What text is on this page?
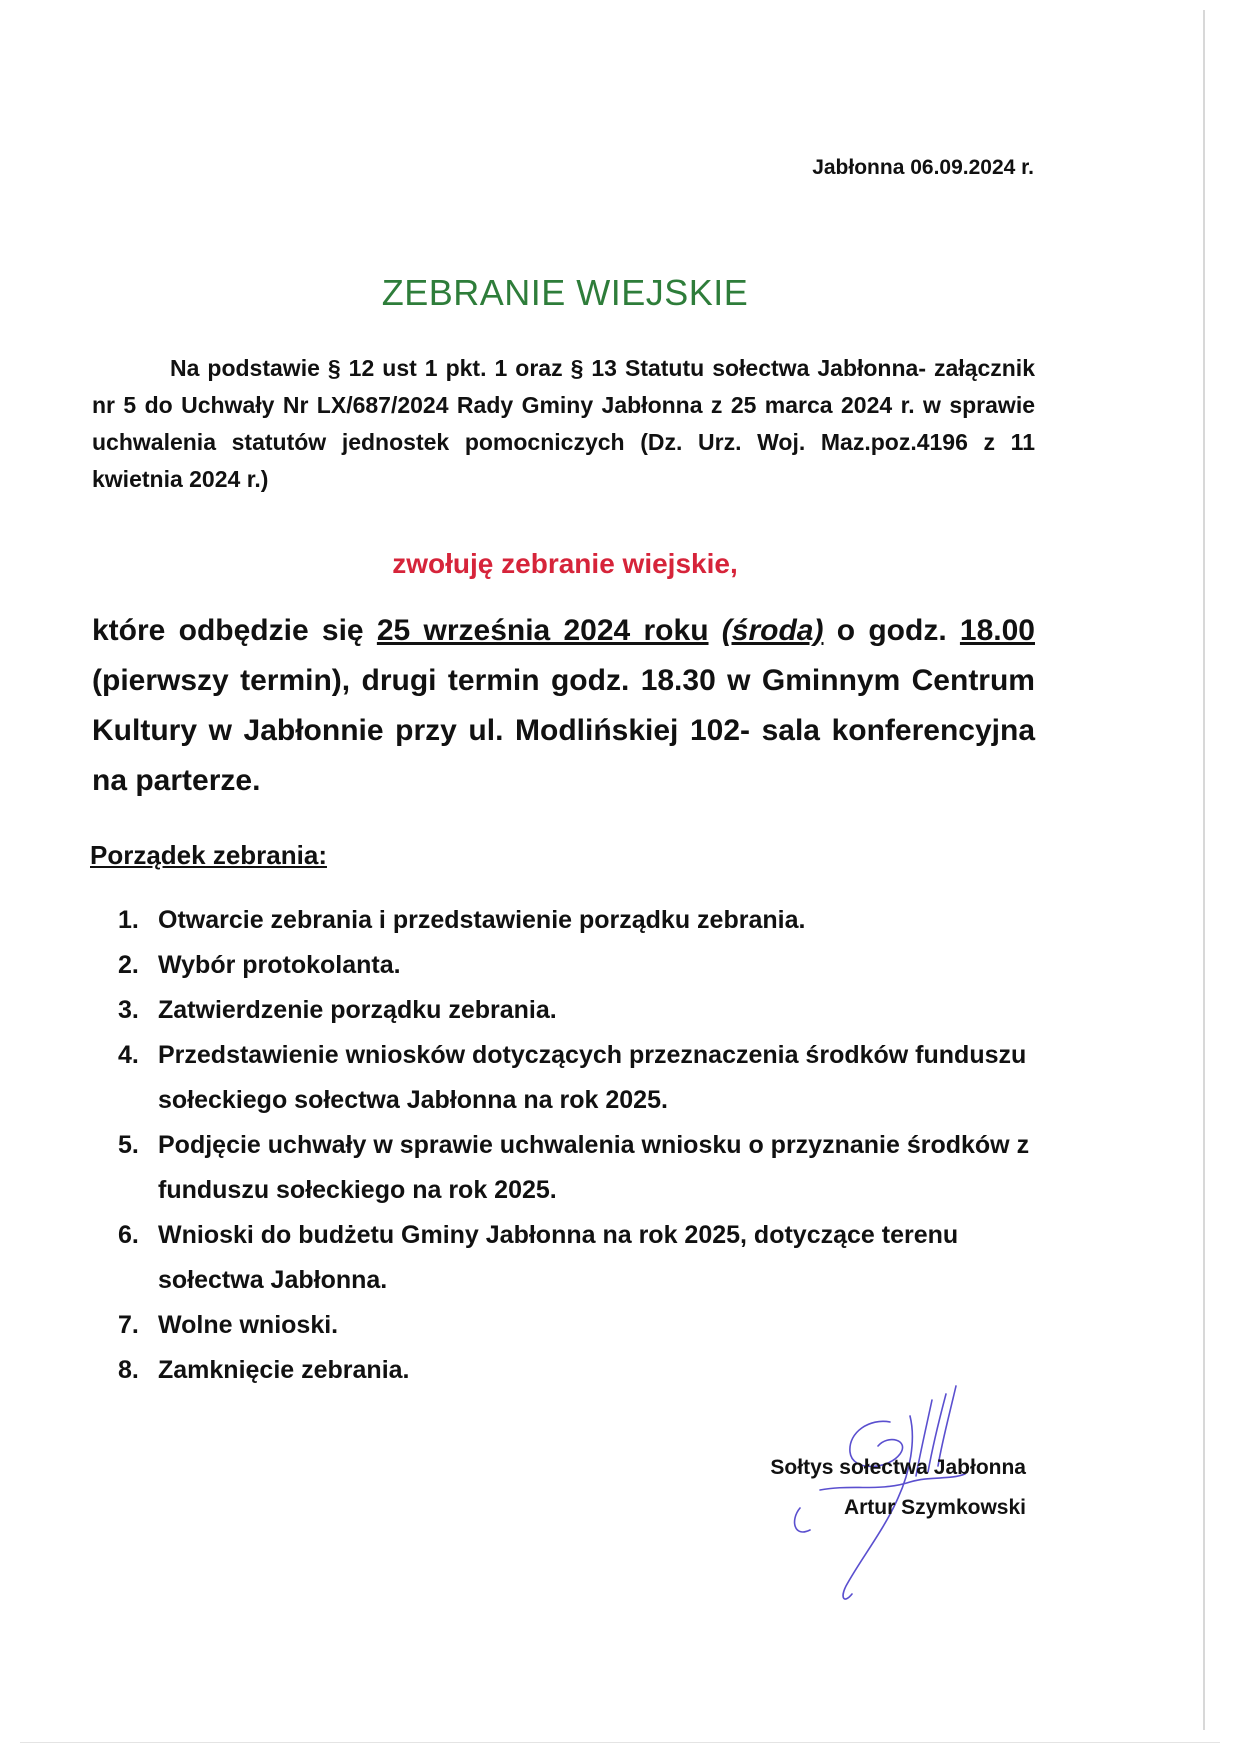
Jabłonna 06.09.2024 r.
ZEBRANIE WIEJSKIE

Na podstawie § 12 ust 1 pkt. 1 oraz § 13 Statutu sołectwa Jabłonna- załącznik nr 5 do Uchwały Nr LX/687/2024 Rady Gminy Jabłonna z 25 marca 2024 r. w sprawie uchwalenia statutów jednostek pomocniczych (Dz. Urz. Woj. Maz.poz.4196 z 11 kwietnia 2024 r.)

zwołuję zebranie wiejskie,

które odbędzie się 25 września 2024 roku (środa) o godz. 18.00 (pierwszy termin), drugi termin godz. 18.30 w Gminnym Centrum Kultury w Jabłonnie przy ul. Modlińskiej 102- sala konferencyjna na parterze.

Porządek zebrania:
1. Otwarcie zebrania i przedstawienie porządku zebrania.
2. Wybór protokolanta.
3. Zatwierdzenie porządku zebrania.
4. Przedstawienie wniosków dotyczących przeznaczenia środków funduszu sołeckiego sołectwa Jabłonna na rok 2025.
5. Podjęcie uchwały w sprawie uchwalenia wniosku o przyznanie środków z funduszu sołeckiego na rok 2025.
6. Wnioski do budżetu Gminy Jabłonna na rok 2025, dotyczące terenu sołectwa Jabłonna.
7. Wolne wnioski.
8. Zamknięcie zebrania.
Sołtys sołectwa Jabłonna
Artur Szymkowski
